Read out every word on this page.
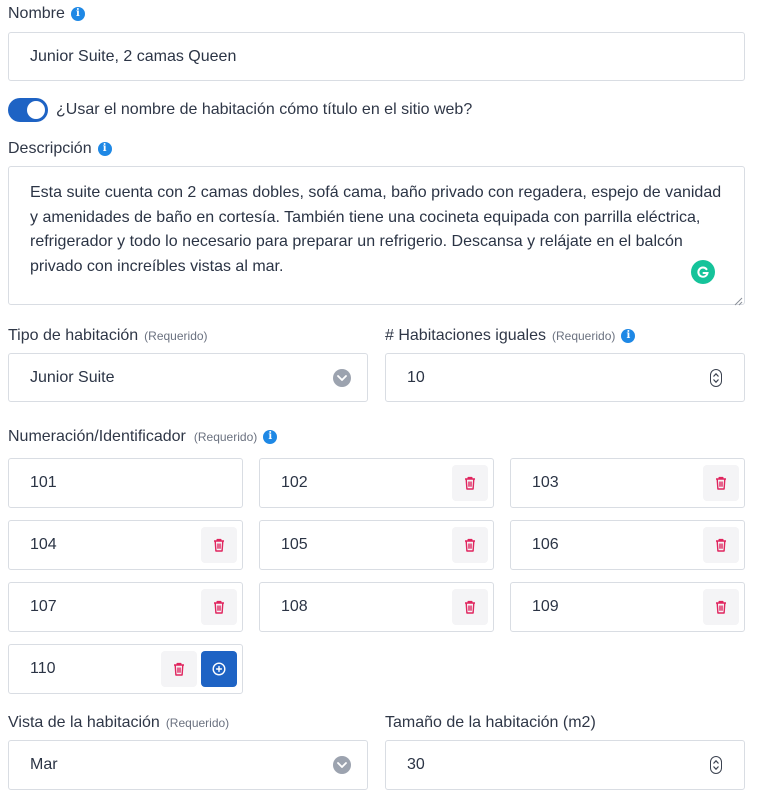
Nombre	i
Junior Suite, 2 camas Queen
¿Usar el nombre de habitación cómo título en el sitio web?
Descripción	i
Esta suite cuenta con 2 camas dobles, sofá cama, baño privado con regadera, espejo de vanidad y amenidades de baño en cortesía. También tiene una cocineta equipada con parrilla eléctrica, refrigerador y todo lo necesario para preparar un refrigerio. Descansa y relájate en el balcón privado con increíbles vistas al mar.
Tipo de habitación (Requerido)
Junior Suite
# Habitaciones iguales (Requerido)	i
10
Numeración/Identificador (Requerido)	i
101	102	103
104	105	106
107	108	109
110
Vista de la habitación (Requerido)
Mar
Tamaño de la habitación (m2)
30
